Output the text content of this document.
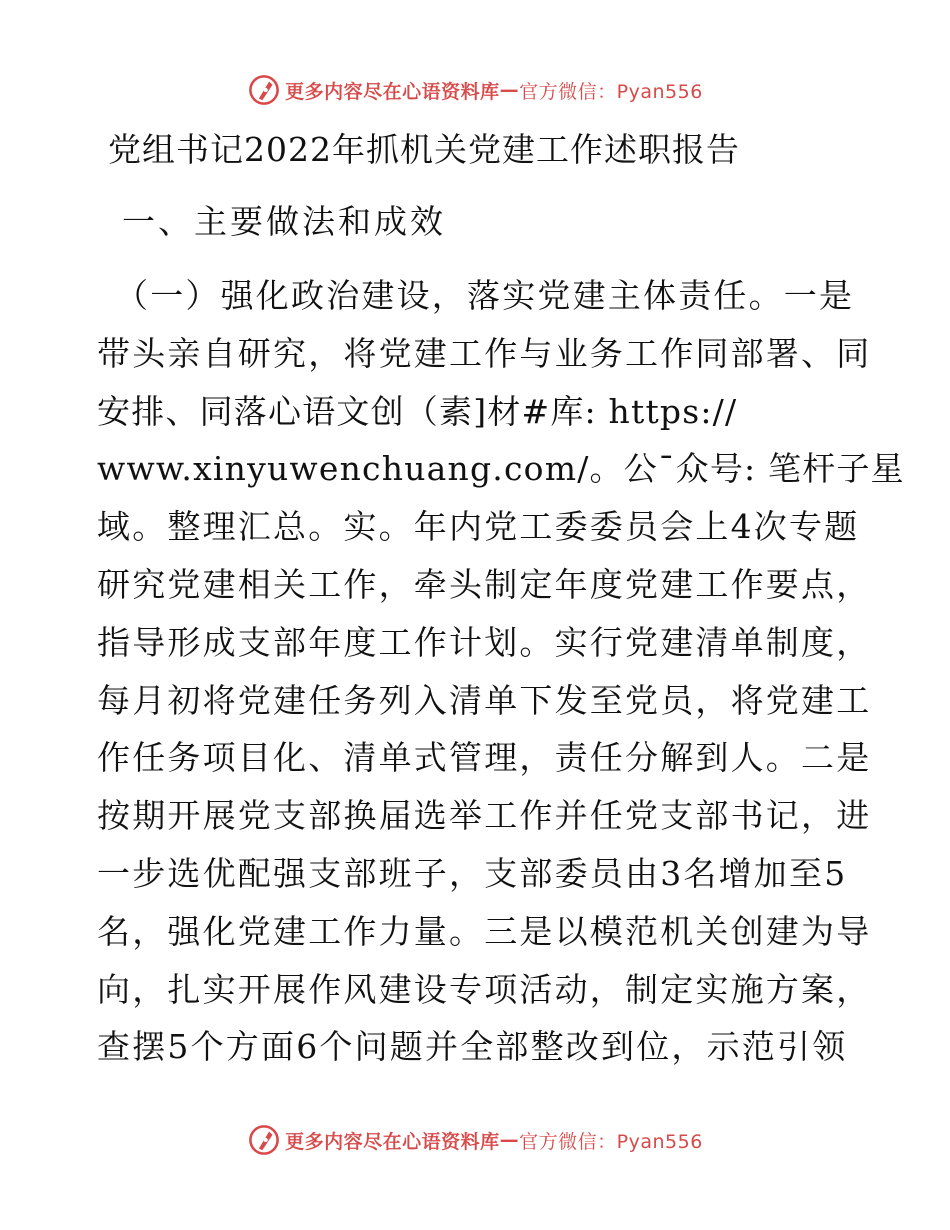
更多内容尽在心语资料库 — 官方微信：Pyan556
党组书记2022年抓机关党建工作述职报告
一、主要做法和成效
（一）强化政治建设，落实党建主体责任。一是
带头亲自研究，将党建工作与业务工作同部署、同
安排、同落心语文创（素]材#库: https://
www.xinyuwenchuang.com/。公¯众号: 笔杆子星
域。整理汇总。实。年内党工委委员会上4次专题
研究党建相关工作，牵头制定年度党建工作要点，
指导形成支部年度工作计划。实行党建清单制度，
每月初将党建任务列入清单下发至党员，将党建工
作任务项目化、清单式管理，责任分解到人。二是
按期开展党支部换届选举工作并任党支部书记，进
一步选优配强支部班子，支部委员由3名增加至5
名，强化党建工作力量。三是以模范机关创建为导
向，扎实开展作风建设专项活动，制定实施方案，
查摆5个方面6个问题并全部整改到位，示范引领
更多内容尽在心语资料库 — 官方微信：Pyan556
